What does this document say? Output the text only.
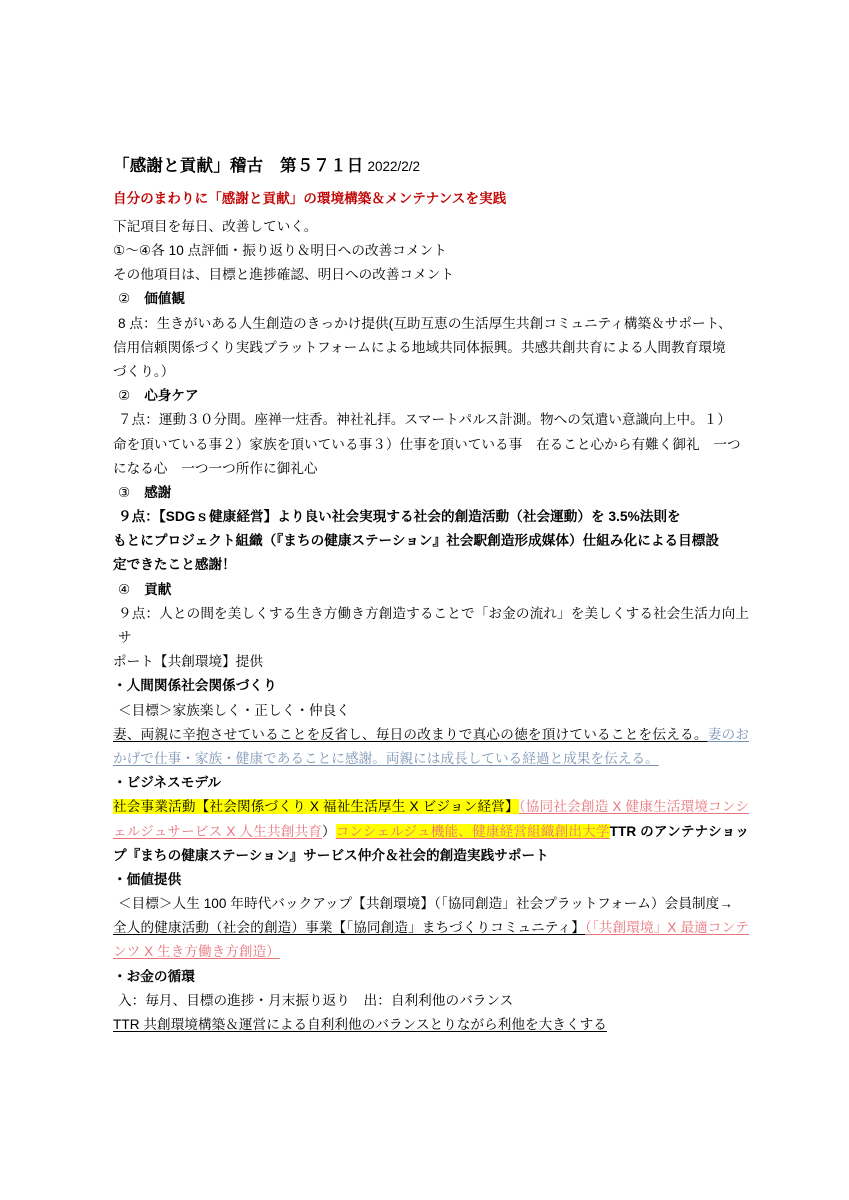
「感謝と貢献」稽古　第５７１日 2022/2/2

自分のまわりに「感謝と貢献」の環境構築＆メンテナンスを実践

下記項目を毎日、改善していく。

①～④各 10 点評価・振り返り＆明日への改善コメント

その他項目は、目標と進捗確認、明日への改善コメント

② 価値観

8 点：生きがいある人生創造のきっかけ提供(互助互恵の生活厚生共創コミュニティ構築＆サポート、

信用信頼関係づくり実践プラットフォームによる地域共同体振興。共感共創共育による人間教育環境

づくり。）

② 心身ケア

７点：運動３０分間。座禅一炷香。神社礼拝。スマートパルス計測。物への気遣い意識向上中。１）

命を頂いている事２）家族を頂いている事３）仕事を頂いている事　在ること心から有難く御礼　一つ

になる心　一つ一つ所作に御礼心

③ 感謝

９点：【SDGｓ健康経営】より良い社会実現する社会的創造活動（社会運動）を 3.5%法則を

もとにプロジェクト組織（『まちの健康ステーション』社会駅創造形成媒体）仕組み化による目標設

定できたこと感謝！

④ 貢献

９点：人との間を美しくする生き方働き方創造することで「お金の流れ」を美しくする社会生活力向上サ

ポート【共創環境】提供

・人間関係社会関係づくり

＜目標＞家族楽しく・正しく・仲良く

妻、両親に辛抱させていることを反省し、毎日の改まりで真心の徳を頂けていることを伝える。妻のおかげで仕事・家族・健康であることに感謝。両親には成長している経過と成果を伝える。

・ビジネスモデル

社会事業活動【社会関係づくり X 福祉生活厚生 X ビジョン経営】（協同社会創造 X 健康生活環境コンシェルジュサービス X 人生共創共育）コンシェルジュ機能、健康経営組織創出大学TTR のアンテナショップ『まちの健康ステーション』サービス仲介＆社会的創造実践サポート

・価値提供

＜目標＞人生 100 年時代バックアップ【共創環境】（「協同創造」社会プラットフォーム）会員制度→

全人的健康活動（社会的創造）事業【「協同創造」まちづくりコミュニティ】（「共創環境」X 最適コンテンツ X 生き方働き方創造）

・お金の循環

入：毎月、目標の進捗・月末振り返り　出：自利利他のバランス

TTR 共創環境構築＆運営による自利利他のバランスとりながら利他を大きくする
